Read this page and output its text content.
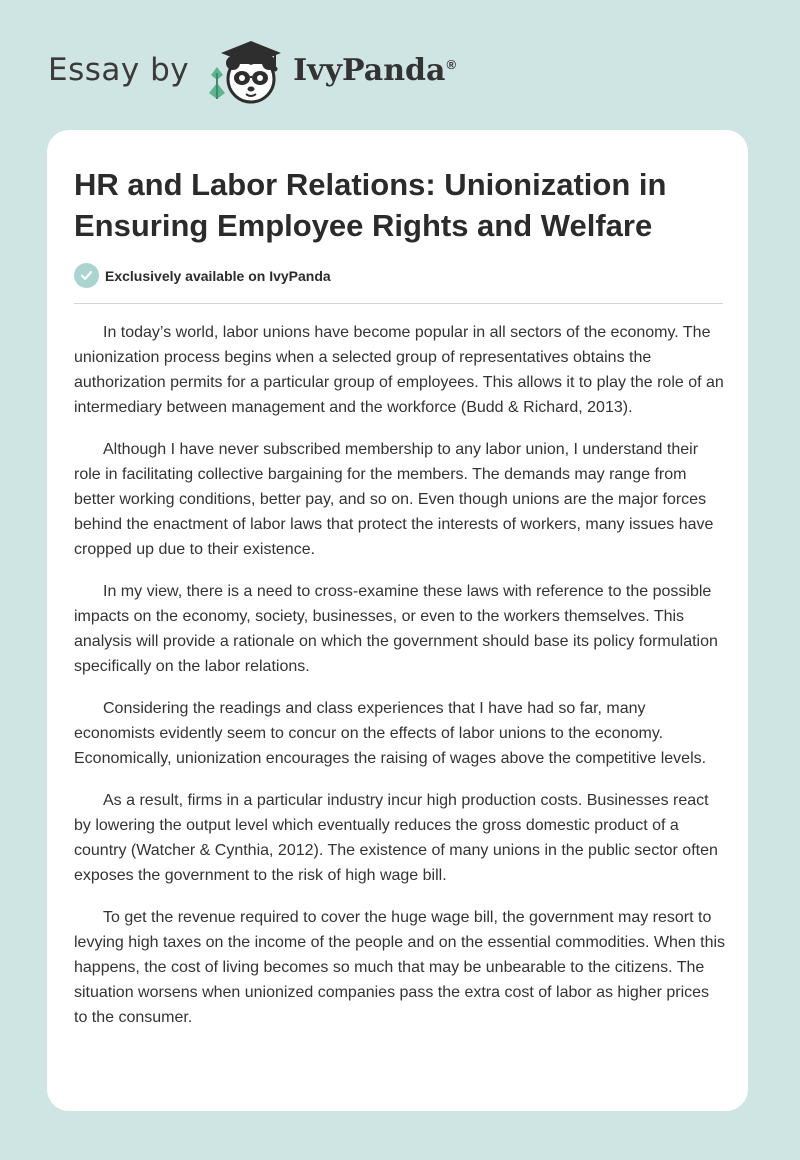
Essay by	IvyPanda®
HR and Labor Relations: Unionization in Ensuring Employee Rights and Welfare
Exclusively available on IvyPanda

In today’s world, labor unions have become popular in all sectors of the economy. The unionization process begins when a selected group of representatives obtains the authorization permits for a particular group of employees. This allows it to play the role of an intermediary between management and the workforce (Budd & Richard, 2013).

Although I have never subscribed membership to any labor union, I understand their role in facilitating collective bargaining for the members. The demands may range from better working conditions, better pay, and so on. Even though unions are the major forces behind the enactment of labor laws that protect the interests of workers, many issues have cropped up due to their existence.

In my view, there is a need to cross-examine these laws with reference to the possible impacts on the economy, society, businesses, or even to the workers themselves. This analysis will provide a rationale on which the government should base its policy formulation specifically on the labor relations.

Considering the readings and class experiences that I have had so far, many economists evidently seem to concur on the effects of labor unions to the economy. Economically, unionization encourages the raising of wages above the competitive levels.

As a result, firms in a particular industry incur high production costs. Businesses react by lowering the output level which eventually reduces the gross domestic product of a country (Watcher & Cynthia, 2012). The existence of many unions in the public sector often exposes the government to the risk of high wage bill.

To get the revenue required to cover the huge wage bill, the government may resort to levying high taxes on the income of the people and on the essential commodities. When this happens, the cost of living becomes so much that may be unbearable to the citizens. The situation worsens when unionized companies pass the extra cost of labor as higher prices to the consumer.
